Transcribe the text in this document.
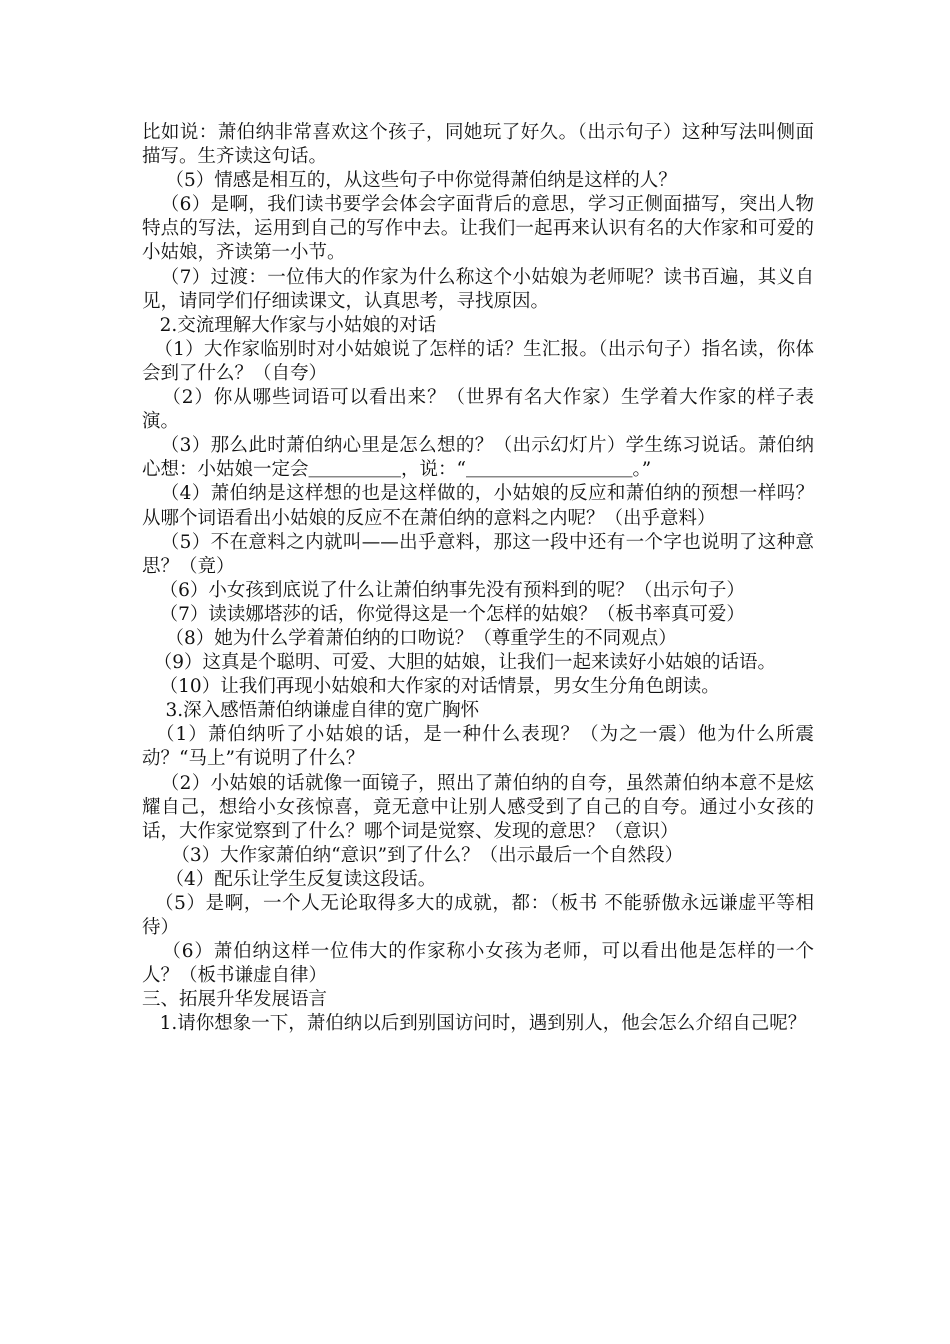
比如说：萧伯纳非常喜欢这个孩子，同她玩了好久。（出示句子）这种写法叫侧面描写。生齐读这句话。

（5）情感是相互的，从这些句子中你觉得萧伯纳是这样的人？

（6）是啊，我们读书要学会体会字面背后的意思，学习正侧面描写，突出人物特点的写法，运用到自己的写作中去。让我们一起再来认识有名的大作家和可爱的小姑娘，齐读第一小节。

（7）过渡：一位伟大的作家为什么称这个小姑娘为老师呢？读书百遍，其义自见，请同学们仔细读课文，认真思考，寻找原因。

2.交流理解大作家与小姑娘的对话

（1）大作家临别时对小姑娘说了怎样的话？生汇报。（出示句子）指名读，你体会到了什么？（自夸）

（2）你从哪些词语可以看出来？（世界有名大作家）生学着大作家的样子表演。

（3）那么此时萧伯纳心里是怎么想的？（出示幻灯片）学生练习说话。萧伯纳心想：小姑娘一定会＿＿＿＿＿，说：“＿＿＿＿＿＿＿＿＿。”

（4）萧伯纳是这样想的也是这样做的，小姑娘的反应和萧伯纳的预想一样吗？从哪个词语看出小姑娘的反应不在萧伯纳的意料之内呢？（出乎意料）

（5）不在意料之内就叫——出乎意料，那这一段中还有一个字也说明了这种意思？（竟）

（6）小女孩到底说了什么让萧伯纳事先没有预料到的呢？（出示句子）

（7）读读娜塔莎的话，你觉得这是一个怎样的姑娘？（板书率真可爱）

（8）她为什么学着萧伯纳的口吻说？（尊重学生的不同观点）

（9）这真是个聪明、可爱、大胆的姑娘，让我们一起来读好小姑娘的话语。

（10）让我们再现小姑娘和大作家的对话情景，男女生分角色朗读。

3.深入感悟萧伯纳谦虚自律的宽广胸怀

（1）萧伯纳听了小姑娘的话，是一种什么表现？（为之一震）他为什么所震动？“马上”有说明了什么？

（2）小姑娘的话就像一面镜子，照出了萧伯纳的自夸，虽然萧伯纳本意不是炫耀自己，想给小女孩惊喜，竟无意中让别人感受到了自己的自夸。通过小女孩的话，大作家觉察到了什么？哪个词是觉察、发现的意思？（意识）

（3）大作家萧伯纳“意识”到了什么？（出示最后一个自然段）

（4）配乐让学生反复读这段话。

（5）是啊，一个人无论取得多大的成就，都：（板书 不能骄傲永远谦虚平等相待）

（6）萧伯纳这样一位伟大的作家称小女孩为老师，可以看出他是怎样的一个人？（板书谦虚自律）

三、拓展升华发展语言

1.请你想象一下，萧伯纳以后到别国访问时，遇到别人，他会怎么介绍自己呢？
